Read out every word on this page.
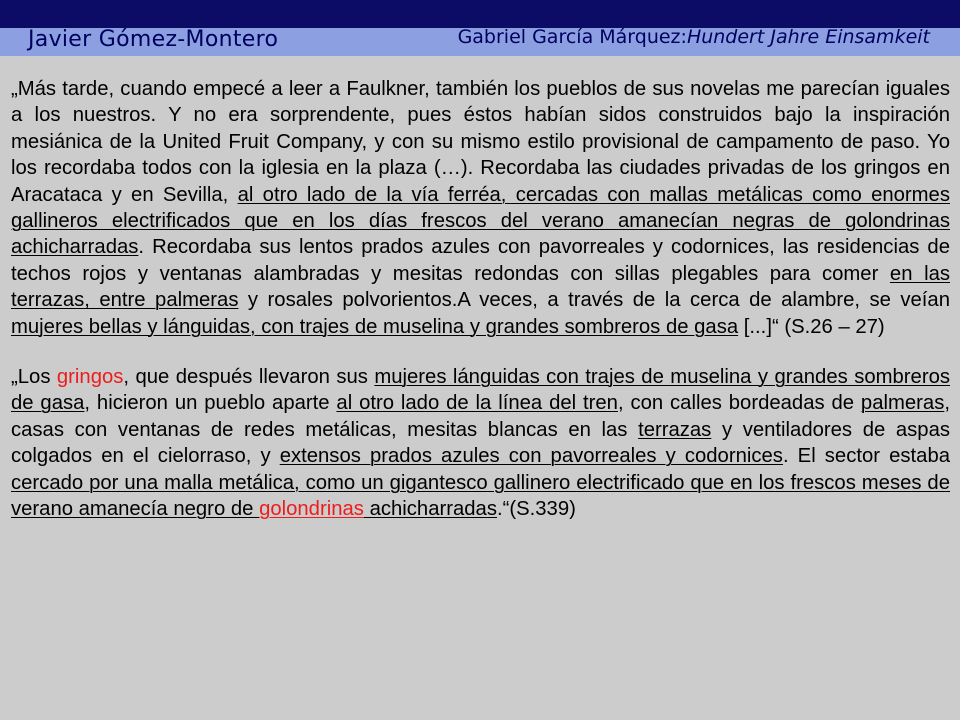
Javier Gómez-Montero	Gabriel García Márquez:Hundert Jahre Einsamkeit

„Más tarde, cuando empecé a leer a Faulkner, también los pueblos de sus novelas me parecían iguales a los nuestros. Y no era sorprendente, pues éstos habían sidos construidos bajo la inspiración mesiánica de la United Fruit Company, y con su mismo estilo provisional de campamento de paso. Yo los recordaba todos con la iglesia en la plaza (…). Recordaba las ciudades privadas de los gringos en Aracataca y en Sevilla, al otro lado de la vía ferréa, cercadas con mallas metálicas como enormes gallineros electrificados que en los días frescos del verano amanecían negras de golondrinas achicharradas. Recordaba sus lentos prados azules con pavorreales y codornices, las residencias de techos rojos y ventanas alambradas y mesitas redondas con sillas plegables para comer en las terrazas, entre palmeras y rosales polvorientos.A veces, a través de la cerca de alambre, se veían mujeres bellas y lánguidas, con trajes de muselina y grandes sombreros de gasa [...]“ (S.26 – 27)

„Los gringos, que después llevaron sus mujeres lánguidas con trajes de muselina y grandes sombreros de gasa, hicieron un pueblo aparte al otro lado de la línea del tren, con calles bordeadas de palmeras, casas con ventanas de redes metálicas, mesitas blancas en las terrazas y ventiladores de aspas colgados en el cielorraso, y extensos prados azules con pavorreales y codornices. El sector estaba cercado por una malla metálica, como un gigantesco gallinero electrificado que en los frescos meses de verano amanecía negro de golondrinas achicharradas.“(S.339)
